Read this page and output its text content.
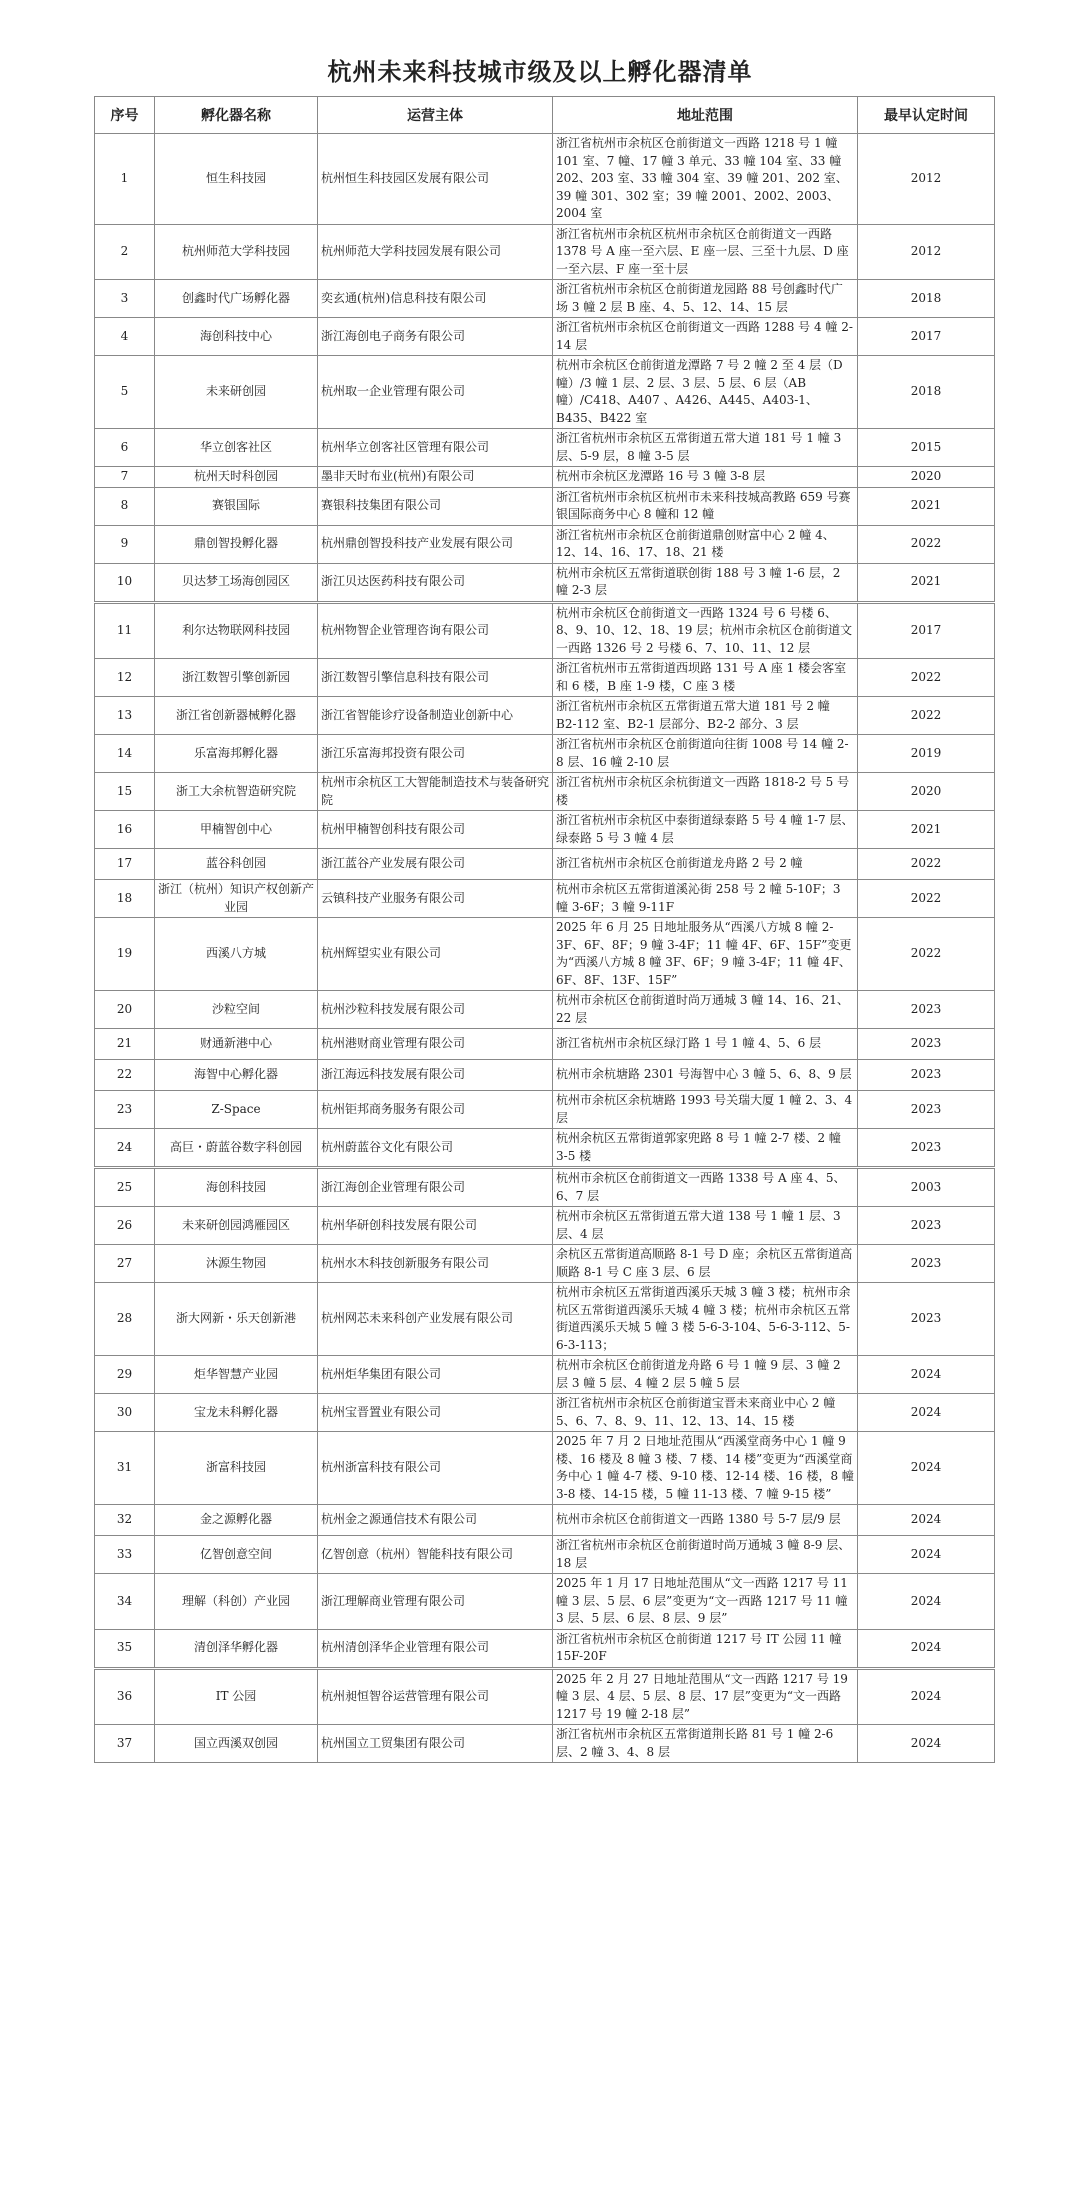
杭州未来科技城市级及以上孵化器清单
序号	孵化器名称	运营主体	地址范围	最早认定时间
1	恒生科技园	杭州恒生科技园区发展有限公司	浙江省杭州市余杭区仓前街道文一西路 1218 号 1 幢 101 室、7 幢、17 幢 3 单元、33 幢 104 室、33 幢 202、203 室、33 幢 304 室、39 幢 201、202 室、39 幢 301、302 室；39 幢 2001、2002、2003、2004 室	2012
2	杭州师范大学科技园	杭州师范大学科技园发展有限公司	浙江省杭州市余杭区杭州市余杭区仓前街道文一西路 1378 号 A 座一至六层、E 座一层、三至十九层、D 座一至六层、F 座一至十层	2012
3	创鑫时代广场孵化器	奕玄通(杭州)信息科技有限公司	浙江省杭州市余杭区仓前街道龙园路 88 号创鑫时代广场 3 幢 2 层 B 座、4、5、12、14、15 层	2018
4	海创科技中心	浙江海创电子商务有限公司	浙江省杭州市余杭区仓前街道文一西路 1288 号 4 幢 2-14 层	2017
5	未来研创园	杭州取一企业管理有限公司	杭州市余杭区仓前街道龙潭路 7 号 2 幢 2 至 4 层（D 幢）/3 幢 1 层、2 层、3 层、5 层、6 层（AB 幢）/C418、A407 、A426、A445、A403-1、B435、B422 室	2018
6	华立创客社区	杭州华立创客社区管理有限公司	浙江省杭州市余杭区五常街道五常大道 181 号 1 幢 3 层、5-9 层，8 幢 3-5 层	2015
7	杭州天时科创园	墨非天时布业(杭州)有限公司	杭州市余杭区龙潭路 16 号 3 幢 3-8 层	2020
8	赛银国际	赛银科技集团有限公司	浙江省杭州市余杭区杭州市未来科技城高教路 659 号赛银国际商务中心 8 幢和 12 幢	2021
9	鼎创智投孵化器	杭州鼎创智投科技产业发展有限公司	浙江省杭州市余杭区仓前街道鼎创财富中心 2 幢 4、12、14、16、17、18、21 楼	2022
10	贝达梦工场海创园区	浙江贝达医药科技有限公司	杭州市余杭区五常街道联创街 188 号 3 幢 1-6 层，2 幢 2-3 层	2021
11	利尔达物联网科技园	杭州物智企业管理咨询有限公司	杭州市余杭区仓前街道文一西路 1324 号 6 号楼 6、8、9、10、12、18、19 层；杭州市余杭区仓前街道文一西路 1326 号 2 号楼 6、7、10、11、12 层	2017
12	浙江数智引擎创新园	浙江数智引擎信息科技有限公司	浙江省杭州市五常街道西坝路 131 号 A 座 1 楼会客室和 6 楼，B 座 1-9 楼，C 座 3 楼	2022
13	浙江省创新器械孵化器	浙江省智能诊疗设备制造业创新中心	浙江省杭州市余杭区五常街道五常大道 181 号 2 幢 B2-112 室、B2-1 层部分、B2-2 部分、3 层	2022
14	乐富海邦孵化器	浙江乐富海邦投资有限公司	浙江省杭州市余杭区仓前街道向往街 1008 号 14 幢 2-8 层、16 幢 2-10 层	2019
15	浙工大余杭智造研究院	杭州市余杭区工大智能制造技术与装备研究院	浙江省杭州市余杭区余杭街道文一西路 1818-2 号 5 号楼	2020
16	甲楠智创中心	杭州甲楠智创科技有限公司	浙江省杭州市余杭区中泰街道绿泰路 5 号 4 幢 1-7 层、绿泰路 5 号 3 幢 4 层	2021
17	蓝谷科创园	浙江蓝谷产业发展有限公司	浙江省杭州市余杭区仓前街道龙舟路 2 号 2 幢	2022
18	浙江（杭州）知识产权创新产业园	云镇科技产业服务有限公司	杭州市余杭区五常街道溪沁街 258 号 2 幢 5-10F；3 幢 3-6F；3 幢 9-11F	2022
19	西溪八方城	杭州辉望实业有限公司	2025 年 6 月 25 日地址服务从“西溪八方城 8 幢 2-3F、6F、8F；9 幢 3-4F；11 幢 4F、6F、15F”变更为“西溪八方城 8 幢 3F、6F；9 幢 3-4F；11 幢 4F、6F、8F、13F、15F”	2022
20	沙粒空间	杭州沙粒科技发展有限公司	杭州市余杭区仓前街道时尚万通城 3 幢 14、16、21、22 层	2023
21	财通新港中心	杭州港财商业管理有限公司	浙江省杭州市余杭区绿汀路 1 号 1 幢 4、5、6 层	2023
22	海智中心孵化器	浙江海远科技发展有限公司	杭州市余杭塘路 2301 号海智中心 3 幢 5、6、8、9 层	2023
23	Z-Space	杭州钜邦商务服务有限公司	杭州市余杭区余杭塘路 1993 号关瑞大厦 1 幢 2、3、4 层	2023
24	高巨・蔚蓝谷数字科创园	杭州蔚蓝谷文化有限公司	杭州余杭区五常街道郭家兜路 8 号 1 幢 2-7 楼、2 幢 3-5 楼	2023
25	海创科技园	浙江海创企业管理有限公司	杭州市余杭区仓前街道文一西路 1338 号 A 座 4、5、6、7 层	2003
26	未来研创园鸿雁园区	杭州华研创科技发展有限公司	杭州市余杭区五常街道五常大道 138 号 1 幢 1 层、3 层、4 层	2023
27	沐源生物园	杭州水木科技创新服务有限公司	余杭区五常街道高顺路 8-1 号 D 座；余杭区五常街道高顺路 8-1 号 C 座 3 层、6 层	2023
28	浙大网新・乐天创新港	杭州网芯未来科创产业发展有限公司	杭州市余杭区五常街道西溪乐天城 3 幢 3 楼；杭州市余杭区五常街道西溪乐天城 4 幢 3 楼；杭州市余杭区五常街道西溪乐天城 5 幢 3 楼 5-6-3-104、5-6-3-112、5-6-3-113；	2023
29	炬华智慧产业园	杭州炬华集团有限公司	杭州市余杭区仓前街道龙舟路 6 号 1 幢 9 层、3 幢 2 层 3 幢 5 层、4 幢 2 层 5 幢 5 层	2024
30	宝龙未科孵化器	杭州宝晋置业有限公司	浙江省杭州市余杭区仓前街道宝晋未来商业中心 2 幢 5、6、7、8、9、11、12、13、14、15 楼	2024
31	浙富科技园	杭州浙富科技有限公司	2025 年 7 月 2 日地址范围从“西溪堂商务中心 1 幢 9 楼、16 楼及 8 幢 3 楼、7 楼、14 楼”变更为“西溪堂商务中心 1 幢 4-7 楼、9-10 楼、12-14 楼、16 楼，8 幢 3-8 楼、14-15 楼，5 幢 11-13 楼、7 幢 9-15 楼”	2024
32	金之源孵化器	杭州金之源通信技术有限公司	杭州市余杭区仓前街道文一西路 1380 号 5-7 层/9 层	2024
33	亿智创意空间	亿智创意（杭州）智能科技有限公司	浙江省杭州市余杭区仓前街道时尚万通城 3 幢 8-9 层、18 层	2024
34	理解（科创）产业园	浙江理解商业管理有限公司	2025 年 1 月 17 日地址范围从“文一西路 1217 号 11 幢 3 层、5 层、6 层”变更为“文一西路 1217 号 11 幢 3 层、5 层、6 层、8 层、9 层”	2024
35	清创泽华孵化器	杭州清创泽华企业管理有限公司	浙江省杭州市余杭区仓前街道 1217 号 IT 公园 11 幢 15F-20F	2024
36	IT 公园	杭州昶恒智谷运营管理有限公司	2025 年 2 月 27 日地址范围从“文一西路 1217 号 19 幢 3 层、4 层、5 层、8 层、17 层”变更为“文一西路 1217 号 19 幢 2-18 层”	2024
37	国立西溪双创园	杭州国立工贸集团有限公司	浙江省杭州市余杭区五常街道荆长路 81 号 1 幢 2-6 层、2 幢 3、4、8 层	2024
